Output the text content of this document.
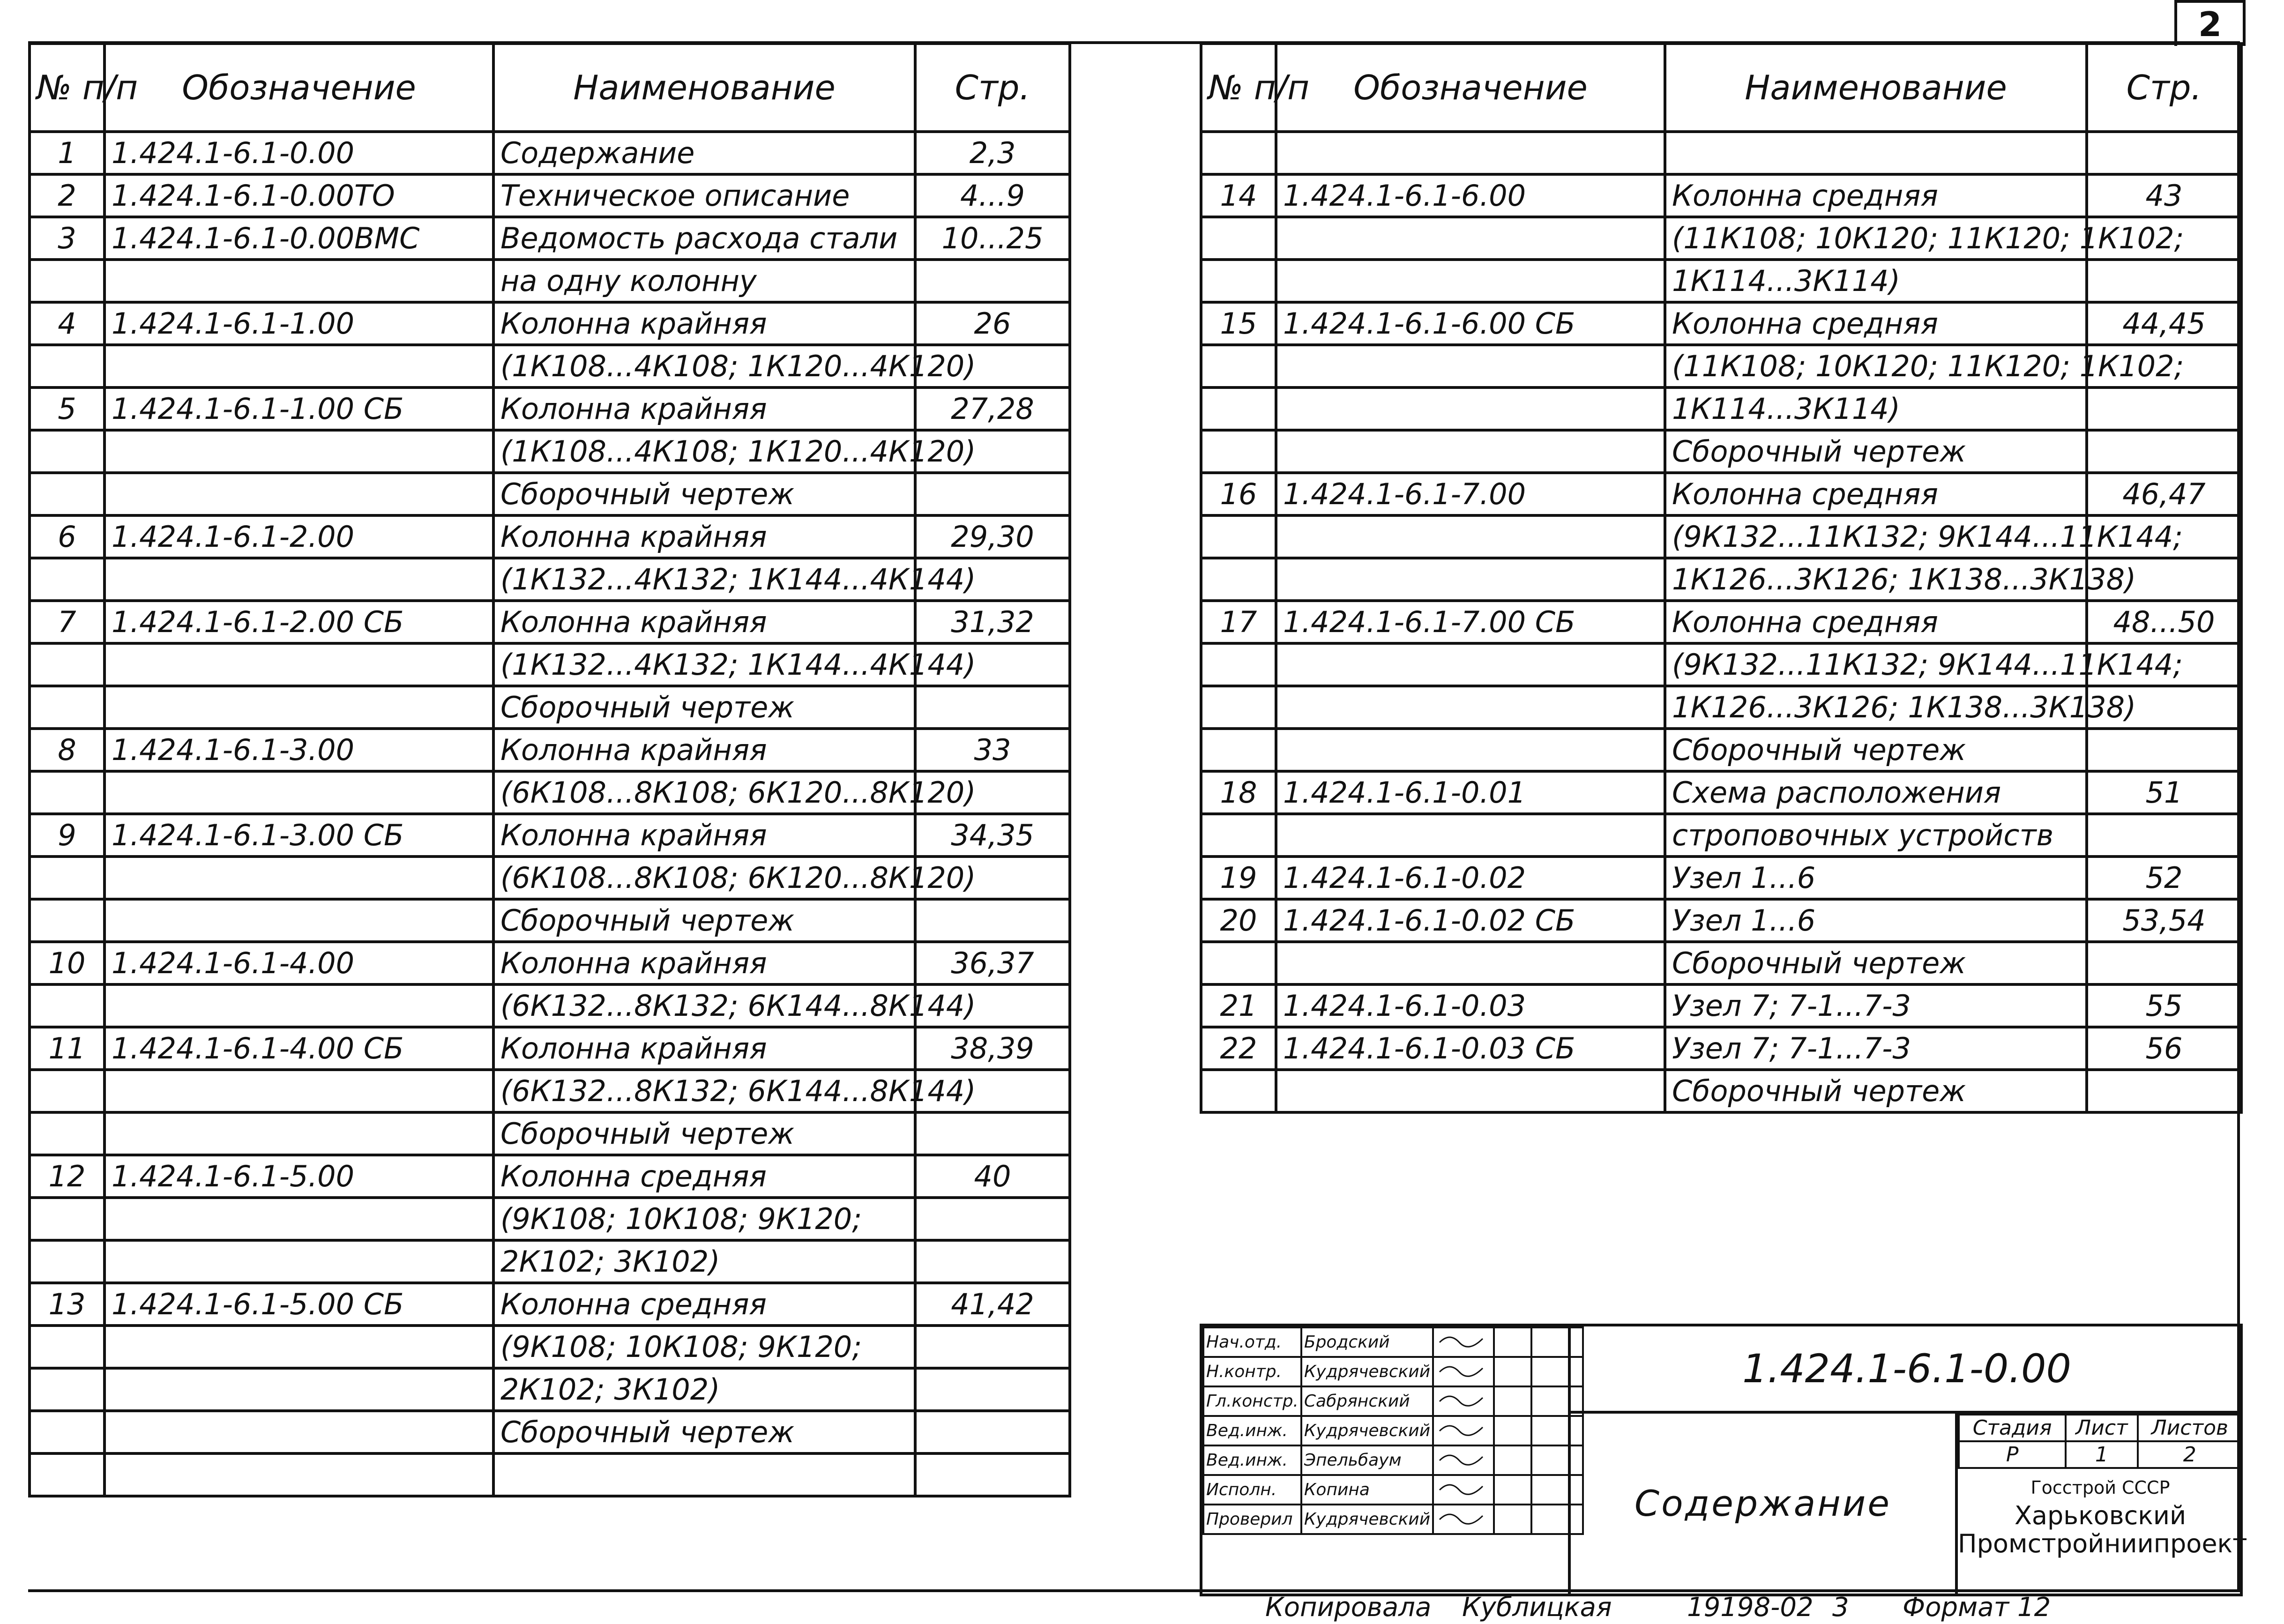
2
№ п/п	Обозначение	Наименование	Стр.
1	1.424.1-6.1-0.00	Содержание	2,3
2	1.424.1-6.1-0.00ТО	Техническое описание	4...9
3	1.424.1-6.1-0.00ВМС	Ведомость расхода стали	10...25
		на одну колонну	
4	1.424.1-6.1-1.00	Колонна крайняя	26
		(1К108...4К108; 1К120...4К120)	
5	1.424.1-6.1-1.00 СБ	Колонна крайняя	27,28
		(1К108...4К108; 1К120...4К120)	
		Сборочный чертеж	
6	1.424.1-6.1-2.00	Колонна крайняя	29,30
		(1К132...4К132; 1К144...4К144)	
7	1.424.1-6.1-2.00 СБ	Колонна крайняя	31,32
		(1К132...4К132; 1К144...4К144)	
		Сборочный чертеж	
8	1.424.1-6.1-3.00	Колонна крайняя	33
		(6К108...8К108; 6К120...8К120)	
9	1.424.1-6.1-3.00 СБ	Колонна крайняя	34,35
		(6К108...8К108; 6К120...8К120)	
		Сборочный чертеж	
10	1.424.1-6.1-4.00	Колонна крайняя	36,37
		(6К132...8К132; 6К144...8К144)	
11	1.424.1-6.1-4.00 СБ	Колонна крайняя	38,39
		(6К132...8К132; 6К144...8К144)	
		Сборочный чертеж	
12	1.424.1-6.1-5.00	Колонна средняя	40
		(9К108; 10К108; 9К120;	
		2К102; 3К102)	
13	1.424.1-6.1-5.00 СБ	Колонна средняя	41,42
		(9К108; 10К108; 9К120;	
		2К102; 3К102)	
		Сборочный чертеж	

№ п/п	Обозначение	Наименование	Стр.

14	1.424.1-6.1-6.00	Колонна средняя	43
		(11К108; 10К120; 11К120; 1К102;	
		1К114...3К114)	
15	1.424.1-6.1-6.00 СБ	Колонна средняя	44,45
		(11К108; 10К120; 11К120; 1К102;	
		1К114...3К114)	
		Сборочный чертеж	
16	1.424.1-6.1-7.00	Колонна средняя	46,47
		(9К132...11К132; 9К144...11К144;	
		1К126...3К126; 1К138...3К138)	
17	1.424.1-6.1-7.00 СБ	Колонна средняя	48...50
		(9К132...11К132; 9К144...11К144;	
		1К126...3К126; 1К138...3К138)	
		Сборочный чертеж	
18	1.424.1-6.1-0.01	Схема расположения	51
		строповочных устройств	
19	1.424.1-6.1-0.02	Узел 1...6	52
20	1.424.1-6.1-0.02 СБ	Узел 1...6	53,54
		Сборочный чертеж	
21	1.424.1-6.1-0.03	Узел 7; 7-1...7-3	55
22	1.424.1-6.1-0.03 СБ	Узел 7; 7-1...7-3	56
		Сборочный чертеж	
Нач.отд.	Бродский			
Н.контр.	Кудрячевский			
Гл.констр.	Сабрянский			
Вед.инж.	Кудрячевский			
Вед.инж.	Эпельбаум			
Исполн.	Копина			
Проверил	Кудрячевский			
1.424.1-6.1-0.00
Содержание
Стадия	Лист	Листов
Р	1	2
Госстрой СССР
Харьковский
Промстройниипроект
Копировала Кублицкая	19198-02 3 Формат 12
